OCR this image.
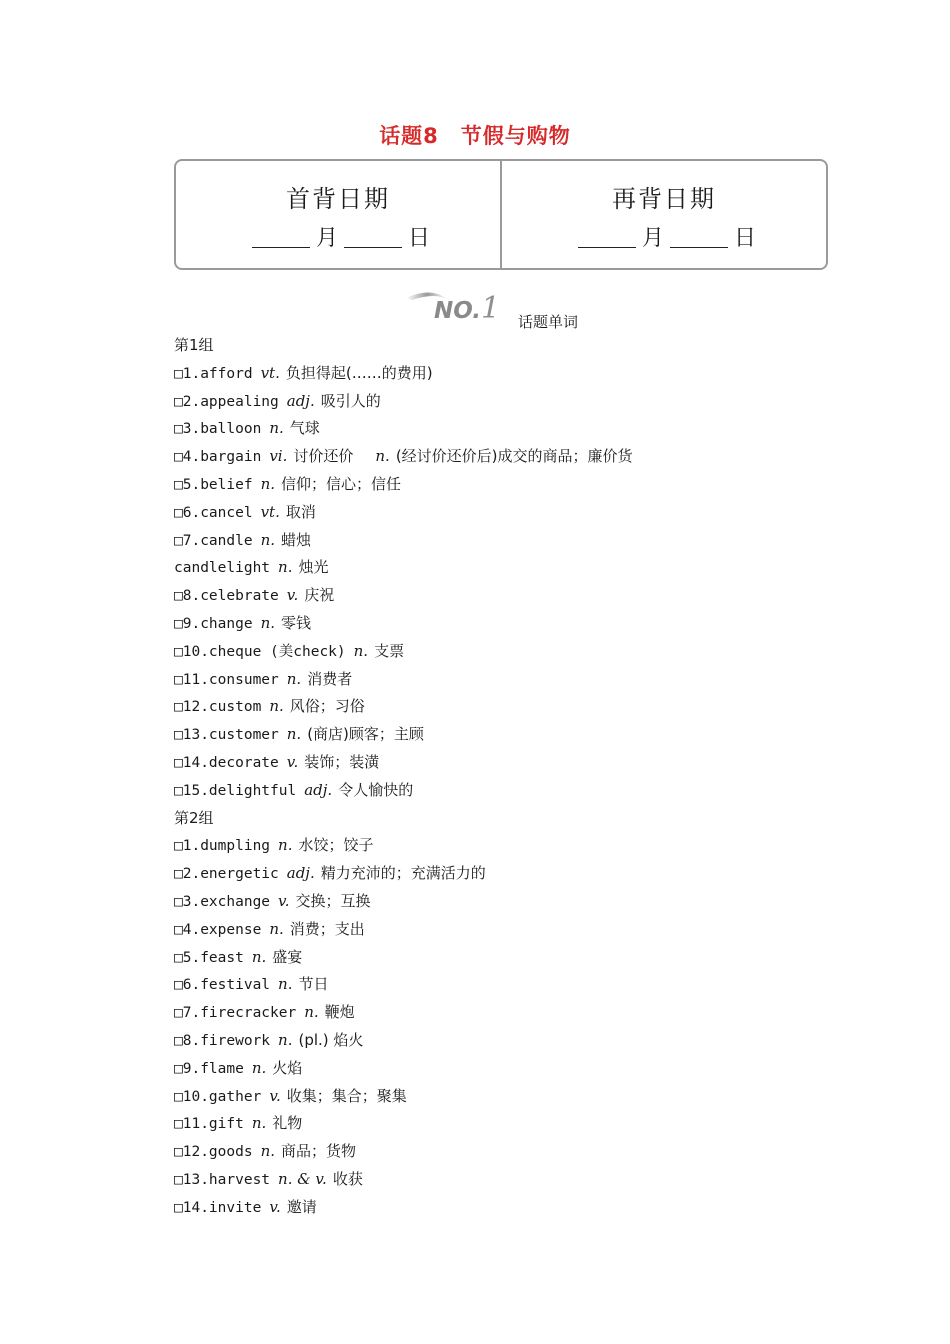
话题8　节假与购物
首背日期
月	日
再背日期
月	日
NO.1 话题单词
第1组
□1.afford vt. 负担得起(……的费用)
□2.appealing adj. 吸引人的
□3.balloon n. 气球
□4.bargain vi. 讨价还价 n. (经讨价还价后)成交的商品；廉价货
□5.belief n. 信仰；信心；信任
□6.cancel vt. 取消
□7.candle n. 蜡烛
candlelight n. 烛光
□8.celebrate v. 庆祝
□9.change n. 零钱
□10.cheque (美check) n. 支票
□11.consumer n. 消费者
□12.custom n. 风俗；习俗
□13.customer n. (商店)顾客；主顾
□14.decorate v. 装饰；装潢
□15.delightful adj. 令人愉快的
第2组
□1.dumpling n. 水饺；饺子
□2.energetic adj. 精力充沛的；充满活力的
□3.exchange v. 交换；互换
□4.expense n. 消费；支出
□5.feast n. 盛宴
□6.festival n. 节日
□7.firecracker n. 鞭炮
□8.firework n. (pl.) 焰火
□9.flame n. 火焰
□10.gather v. 收集；集合；聚集
□11.gift n. 礼物
□12.goods n. 商品；货物
□13.harvest n. & v. 收获
□14.invite v. 邀请
